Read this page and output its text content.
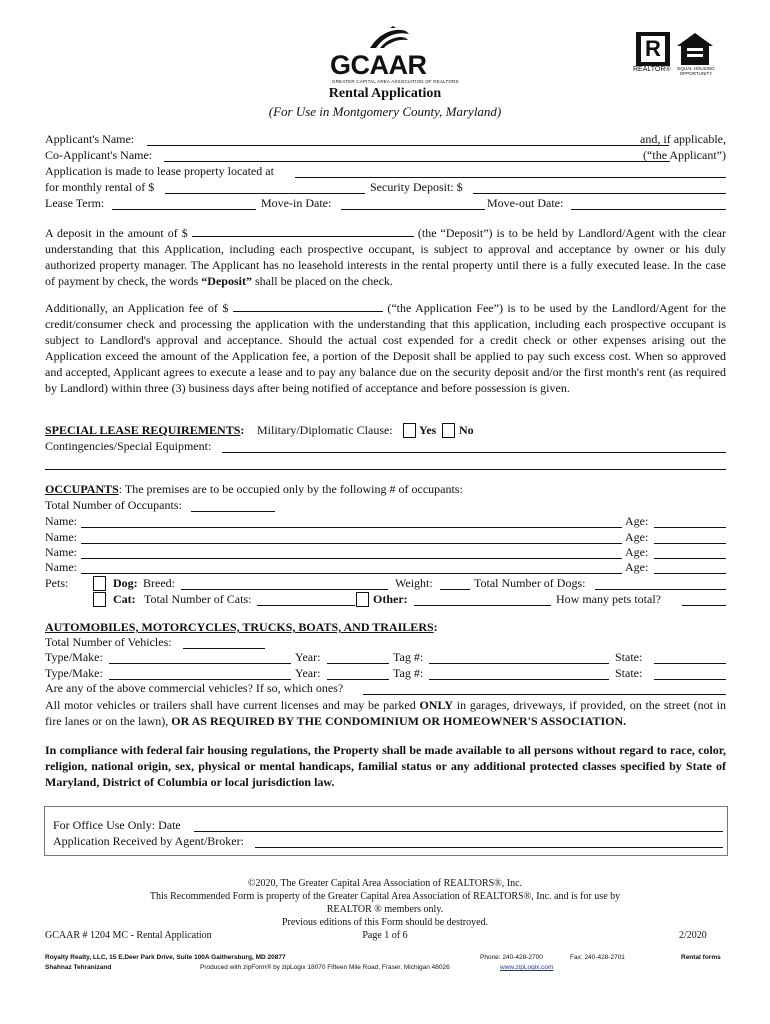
GCAAR
GREATER CAPITAL AREA ASSOCIATION OF REALTORS
R
REALTOR® EQUAL HOUSING OPPORTUNITY
Rental Application
(For Use in Montgomery County, Maryland)
Applicant's Name:	and, if applicable,
Co-Applicant's Name:	(“the Applicant”)
Application is made to lease property located at
for monthly rental of $	Security Deposit: $
Lease Term:	Move-in Date:	Move-out Date:

A deposit in the amount of $	(the “Deposit”) is to be held by Landlord/Agent with the clear understanding that this Application, including each prospective occupant, is subject to approval and acceptance by owner or his duly authorized property manager. The Applicant has no leasehold interests in the rental property until there is a fully executed lease. In the case of payment by check, the words “Deposit” shall be placed on the check.

Additionally, an Application fee of $	(“the Application Fee”) is to be used by the Landlord/Agent for the credit/consumer check and processing the application with the understanding that this application, including each prospective occupant is subject to Landlord's approval and acceptance. Should the actual cost expended for a credit check or other expenses arising out the Application exceed the amount of the Application fee, a portion of the Deposit shall be applied to pay such excess cost. When so approved and accepted, Applicant agrees to execute a lease and to pay any balance due on the security deposit and/or the first month's rent (as required by Landlord) within three (3) business days after being notified of acceptance and before possession is given.

SPECIAL LEASE REQUIREMENTS: Military/Diplomatic Clause: Yes No
Contingencies/Special Equipment:
OCCUPANTS: The premises are to be occupied only by the following # of occupants:
Total Number of Occupants:
Name:	Age:
Name:	Age:
Name:	Age:
Name:	Age:
Pets:	Dog: Breed:	Weight:	Total Number of Dogs:
Cat: Total Number of Cats:	Other:	How many pets total?
AUTOMOBILES, MOTORCYCLES, TRUCKS, BOATS, AND TRAILERS:
Total Number of Vehicles:
Type/Make:	Year:	Tag #:	State:
Type/Make:	Year:	Tag #:	State:
Are any of the above commercial vehicles? If so, which ones?

All motor vehicles or trailers shall have current licenses and may be parked ONLY in garages, driveways, if provided, on the street (not in fire lanes or on the lawn), OR AS REQUIRED BY THE CONDOMINIUM OR HOMEOWNER'S ASSOCIATION.

In compliance with federal fair housing regulations, the Property shall be made available to all persons without regard to race, color, religion, national origin, sex, physical or mental handicaps, familial status or any additional protected classes specified by State of Maryland, District of Columbia or local jurisdiction law.
For Office Use Only: Date
Application Received by Agent/Broker:
©2020, The Greater Capital Area Association of REALTORS®, Inc.
This Recommended Form is property of the Greater Capital Area Association of REALTORS®, Inc. and is for use by
REALTOR ® members only.
Previous editions of this Form should be destroyed.
GCAAR # 1204 MC - Rental Application	Page 1 of 6	2/2020
Royalty Realty, LLC, 15 E.Deer Park Drive, Suite 100A Gaithersburg, MD 20877
Shahnaz Tehranizand
Phone: 240-428-2700	Fax: 240-428-2701	Rental forms
Produced with zipForm® by zipLogix 18070 Fifteen Mile Road, Fraser, Michigan 48026	www.zipLogix.com
